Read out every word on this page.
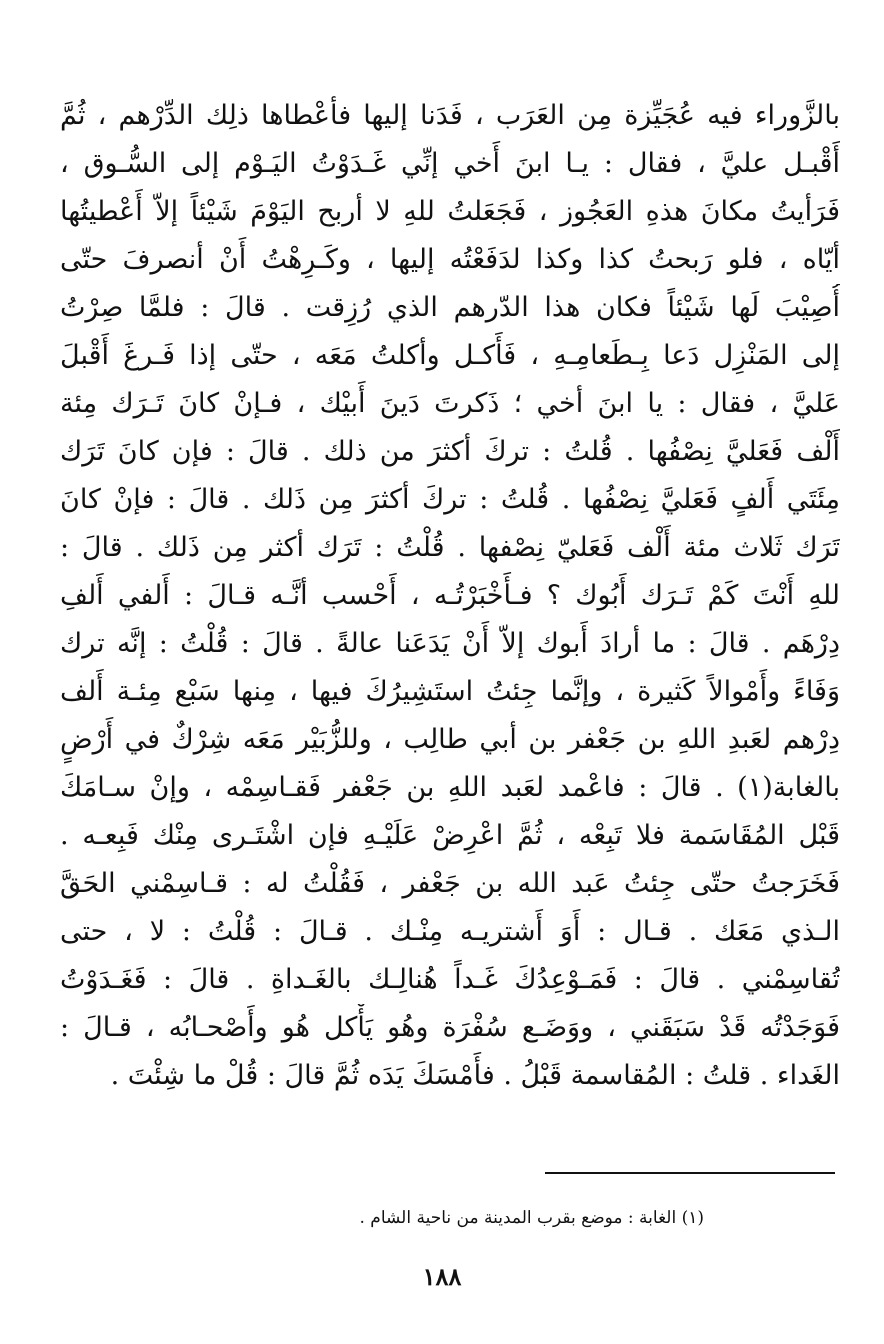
بالزَّوراء فيه عُجَيِّزة مِن العَرَب ، فَدَنا إليها فأعْطاها ذلِك الدِّرْهم ، ثُمَّ
أَقْبـل عليَّ ، فقال : يـا ابنَ أَخي إنِّي غَـدَوْتُ اليَـوْم إلى السُّـوق ،
فَرَأيتُ مكانَ هذهِ العَجُوز ، فَجَعَلتُ للهِ لا أربح اليَوْمَ شَيْئاً إلاّ أَعْطيتُها
أيّاه ، فلو رَبحتُ كذا وكذا لدَفَعْتُه إليها ، وكَـرِهْتُ أَنْ أنصرفَ حتّى
أُصِيْبَ لَها شَيْئاً فكان هذا الدّرهم الذي رُزِقت . قالَ : فلمَّا صِرْتُ
إلى المَنْزِل دَعا بِـطَعامِـهِ ، فَأَكـل وأكلتُ مَعَه ، حتّى إذا فَـرغَ أَقْبلَ
عَليَّ ، فقال : يا ابنَ أخي ؛ ذَكرتَ دَينَ أَبيْك ، فـإنْ كانَ تَـرَك مِئة
أَلْف فَعَليَّ نِصْفُها . قُلتُ : تركَ أكثرَ من ذلك . قالَ : فإن كانَ تَرَك
مِئَتَي أَلفٍ فَعَليَّ نِصْفُها . قُلتُ : تركَ أكثرَ مِن ذَلك . قالَ : فإنْ كانَ
تَرَك ثَلاث مئة أَلْف فَعَليّ نِصْفها . قُلْتُ : تَرَك أكثر مِن ذَلك . قالَ :
للهِ أَنْتَ كَمْ تَـرَك أَبُوك ؟ فـأَخْبَرْتُـه ، أَحْسب أنَّـه قـالَ : أَلفي أَلفِ
دِرْهَم . قالَ : ما أرادَ أَبوك إلاّ أَنْ يَدَعَنا عالةً . قالَ : قُلْتُ : إنَّه ترك
وَفَاءً وأَمْوالاً كَثيرة ، وإنَّما جِئتُ استَشِيرُكَ فيها ، مِنها سَبْع مِئـة أَلف
دِرْهم لعَبدِ اللهِ بن جَعْفر بن أبي طالِب ، وللزُّبَيْر مَعَه شِرْكٌ في أَرْضٍ
بالغابة(١) . قالَ : فاعْمد لعَبد اللهِ بن جَعْفر فَقـاسِمْه ، وإنْ سـامَكَ
قَبْل المُقَاسَمة فلا تَبِعْه ، ثُمَّ اعْرِضْ عَلَيْـهِ فإن اشْتَـرى مِنْك فَبِعـه .
فَخَرَجتُ حتّى جِئتُ عَبد الله بن جَعْفر ، فَقُلْتُ له : قـاسِمْني الحَقَّ
الـذي مَعَك . قـال : أَوَ أَشتريـه مِنْـك . قـالَ : قُلْتُ : لا ، حتى
تُقاسِمْني . قالَ : فَمَـوْعِدُكَ غَـداً هُنالِـك بالغَـداةِ . قالَ : فَغَـدَوْتُ
فَوَجَدْتُه قَدْ سَبَقَني ، ووَضَـع سُفْرَة وهُو يَأْكل هُو وأَصْحـابُه ، قـالَ :
الغَداء . قلتُ : المُقاسمة قَبْلُ . فأَمْسَكَ يَدَه ثُمَّ قالَ : قُلْ ما شِئْتَ .
(١) الغابة : موضع بقرب المدينة من ناحية الشام .
١٨٨
